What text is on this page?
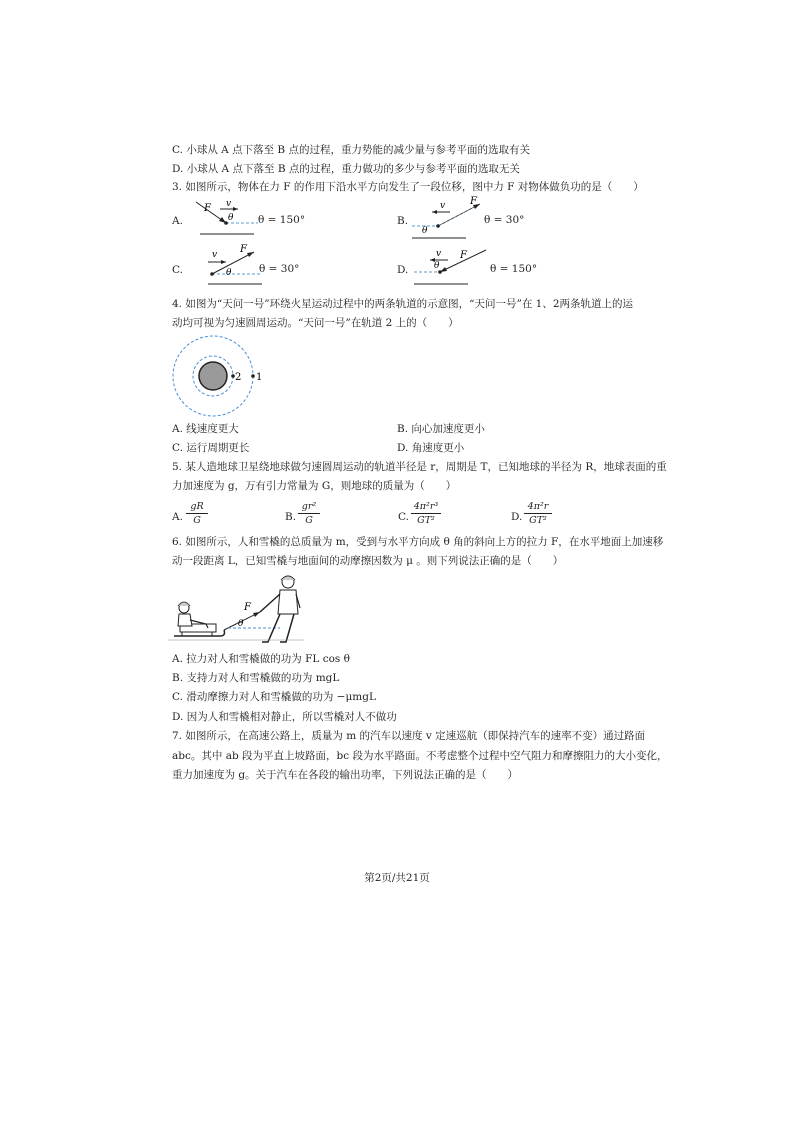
C. 小球从 A 点下落至 B 点的过程，重力势能的减少量与参考平面的选取有关
D. 小球从 A 点下落至 B 点的过程，重力做功的多少与参考平面的选取无关
3. 如图所示，物体在力 F 的作用下沿水平方向发生了一段位移，图中力 F 对物体做负功的是（　　）
A.
F v
θ θ = 150°	B.
v F
θ
θ = 30°
C.
v F
θ	θ = 30°	D.
v F
θ	θ = 150°
4. 如图为“天问一号”环绕火星运动过程中的两条轨道的示意图，“天问一号”在 1、2两条轨道上的运
动均可视为匀速圆周运动。“天问一号”在轨道 2 上的（　　）
2 1
A. 线速度更大	B. 向心加速度更小
C. 运行周期更长	D. 角速度更小
5. 某人造地球卫星绕地球做匀速圆周运动的轨道半径是 r，周期是 T，已知地球的半径为 R，地球表面的重
力加速度为 g，万有引力常量为 G，则地球的质量为（　　）
A.
gR
G	B.
gr²
G	C.
4π²r³
GT²	D.
4π²r
GT²
6. 如图所示，人和雪橇的总质量为 m，受到与水平方向成 θ 角的斜向上方的拉力 F，在水平地面上加速移
动一段距离 L，已知雪橇与地面间的动摩擦因数为 μ 。则下列说法正确的是（　　）
F
θ
A. 拉力对人和雪橇做的功为 FL cos θ
B. 支持力对人和雪橇做的功为 mgL
C. 滑动摩擦力对人和雪橇做的功为 −μmgL
D. 因为人和雪橇相对静止，所以雪橇对人不做功
7. 如图所示，在高速公路上，质量为 m 的汽车以速度 v 定速巡航（即保持汽车的速率不变）通过路面
abc。其中 ab 段为平直上坡路面，bc 段为水平路面。不考虑整个过程中空气阻力和摩擦阻力的大小变化，
重力加速度为 g。关于汽车在各段的输出功率，下列说法正确的是（　　）
第2页/共21页
